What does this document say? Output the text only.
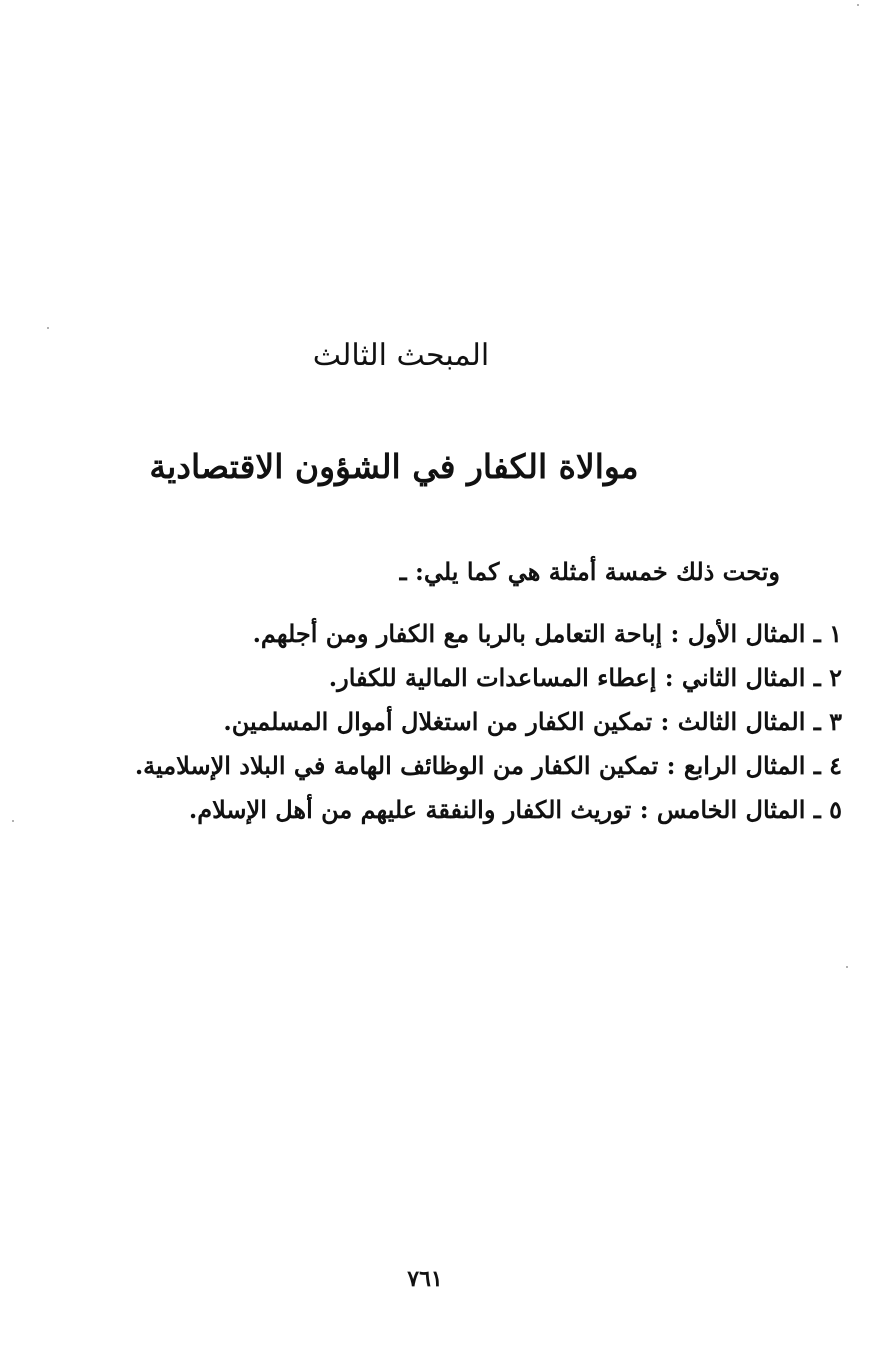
المبحث الثالث
موالاة الكفار في الشؤون الاقتصادية
وتحت ذلك خمسة أمثلة هي كما يلي: ـ
١ ـ المثال الأول : إباحة التعامل بالربا مع الكفار ومن أجلهم.
٢ ـ المثال الثاني : إعطاء المساعدات المالية للكفار.
٣ ـ المثال الثالث : تمكين الكفار من استغلال أموال المسلمين.
٤ ـ المثال الرابع : تمكين الكفار من الوظائف الهامة في البلاد الإسلامية.
٥ ـ المثال الخامس : توريث الكفار والنفقة عليهم من أهل الإسلام.
٧٦١
